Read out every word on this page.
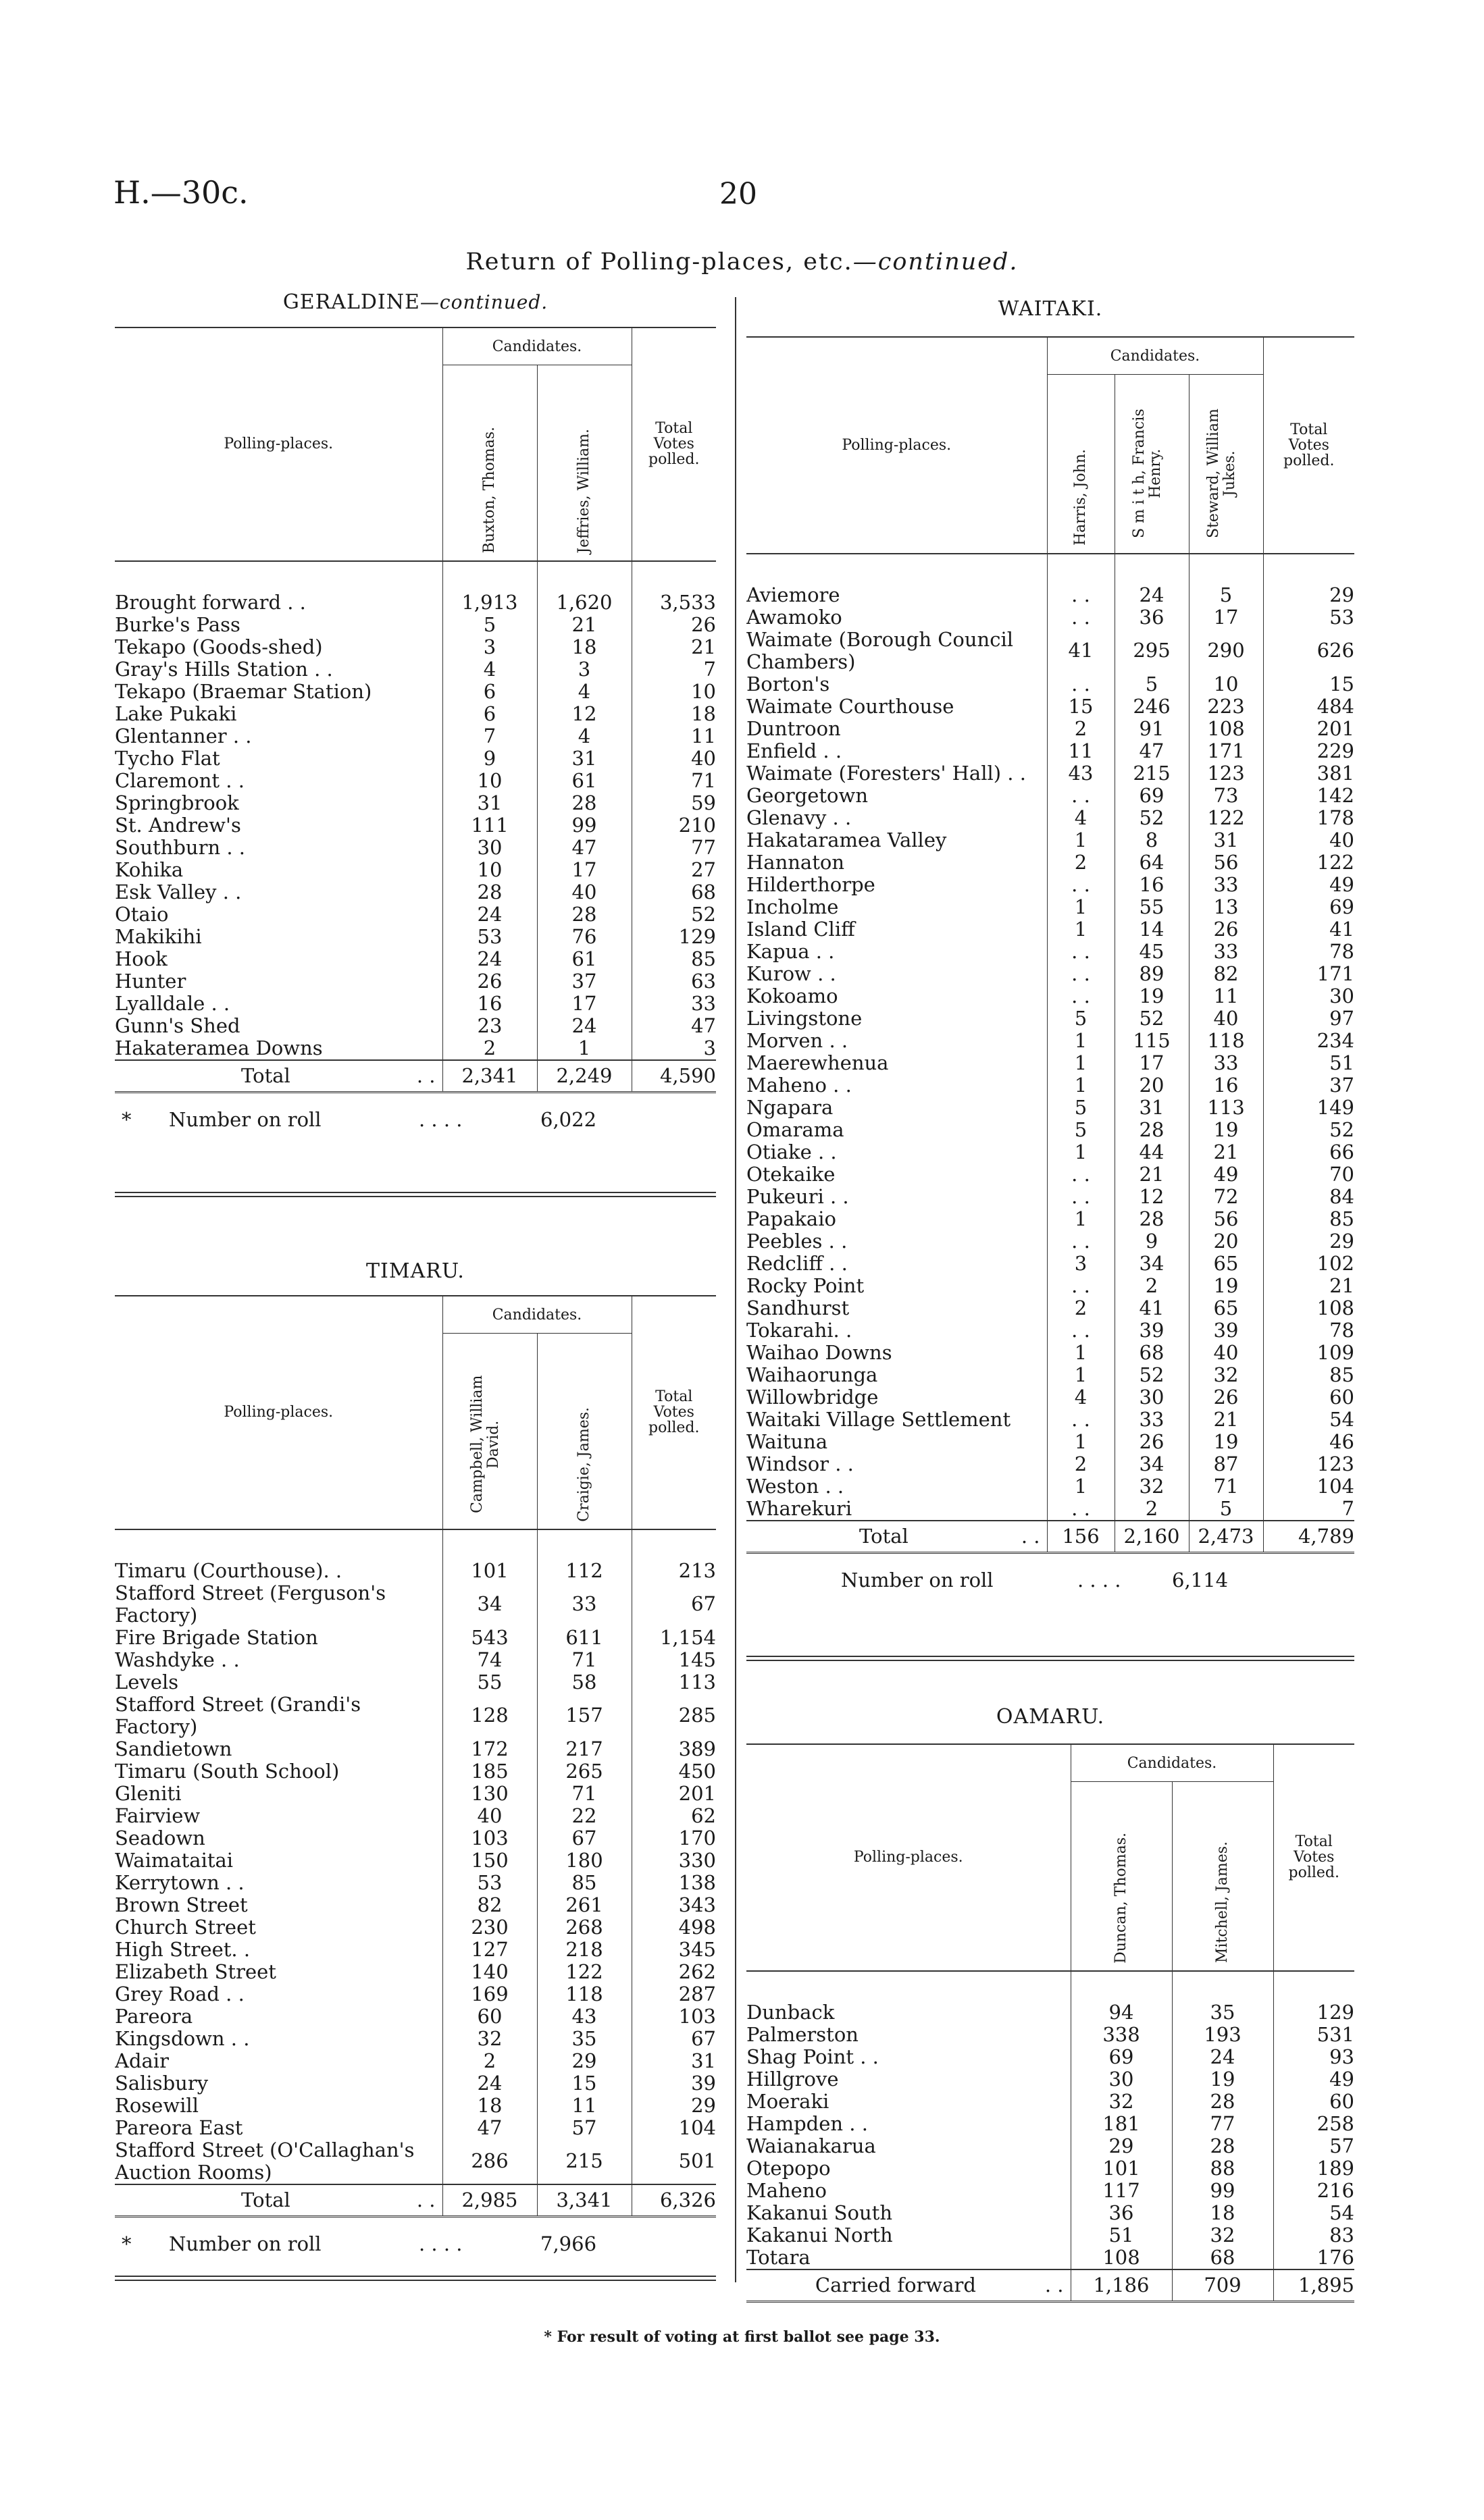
H.—30c.	20
Return of Polling-places, etc.—continued.
GERALDINE—continued.
Polling-places.	Candidates.		Total
Votes
polled.

	Buxton, Thomas.	Jeffries, William.	

Brought forward . .	1,913	1,620	3,533
Burke's Pass	5	21	26
Tekapo (Goods-shed)	3	18	21
Gray's Hills Station . .	4	3	7
Tekapo (Braemar Station)	6	4	10
Lake Pukaki	6	12	18
Glentanner . .	7	4	11
Tycho Flat	9	31	40
Claremont . .	10	61	71
Springbrook	31	28	59
St. Andrew's	111	99	210
Southburn . .	30	47	77
Kohika	10	17	27
Esk Valley . .	28	40	68
Otaio	24	28	52
Makikihi	53	76	129
Hook	24	61	85
Hunter	26	37	63
Lyalldale . .	16	17	33
Gunn's Shed	23	24	47
Hakateramea Downs	2	1	3
Total . .	2,341	2,249	4,590
* Number on roll	. . . .	6,022
TIMARU.
Polling-places.	Candidates.		Total
Votes
polled.

	Campbell, William David.	Craigie, James.	

Timaru (Courthouse). .	101	112	213
Stafford Street (Ferguson's Factory)	34	33	67
Fire Brigade Station	543	611	1,154
Washdyke . .	74	71	145
Levels	55	58	113
Stafford Street (Grandi's Factory)	128	157	285
Sandietown	172	217	389
Timaru (South School)	185	265	450
Gleniti	130	71	201
Fairview	40	22	62
Seadown	103	67	170
Waimataitai	150	180	330
Kerrytown . .	53	85	138
Brown Street	82	261	343
Church Street	230	268	498
High Street. .	127	218	345
Elizabeth Street	140	122	262
Grey Road . .	169	118	287
Pareora	60	43	103
Kingsdown . .	32	35	67
Adair	2	29	31
Salisbury	24	15	39
Rosewill	18	11	29
Pareora East	47	57	104
Stafford Street (O'Callaghan's Auction Rooms)	286	215	501
Total . .	2,985	3,341	6,326
* Number on roll	. . . .	7,966
WAITAKI.
Polling-places.	Candidates.			Total
Votes
polled.

	Harris, John.	S m i t h, Francis Henry.	Steward, William Jukes.	

Aviemore	. .	24	5	29
Awamoko	. .	36	17	53
Waimate (Borough Council Chambers)	41	295	290	626
Borton's	. .	5	10	15
Waimate Courthouse	15	246	223	484
Duntroon	2	91	108	201
Enfield . .	11	47	171	229
Waimate (Foresters' Hall) . .	43	215	123	381
Georgetown	. .	69	73	142
Glenavy . .	4	52	122	178
Hakataramea Valley	1	8	31	40
Hannaton	2	64	56	122
Hilderthorpe	. .	16	33	49
Incholme	1	55	13	69
Island Cliff	1	14	26	41
Kapua . .	. .	45	33	78
Kurow . .	. .	89	82	171
Kokoamo	. .	19	11	30
Livingstone	5	52	40	97
Morven . .	1	115	118	234
Maerewhenua	1	17	33	51
Maheno . .	1	20	16	37
Ngapara	5	31	113	149
Omarama	5	28	19	52
Otiake . .	1	44	21	66
Otekaike	. .	21	49	70
Pukeuri . .	. .	12	72	84
Papakaio	1	28	56	85
Peebles . .	. .	9	20	29
Redcliff . .	3	34	65	102
Rocky Point	. .	2	19	21
Sandhurst	2	41	65	108
Tokarahi. .	. .	39	39	78
Waihao Downs	1	68	40	109
Waihaorunga	1	52	32	85
Willowbridge	4	30	26	60
Waitaki Village Settlement	. .	33	21	54
Waituna	1	26	19	46
Windsor . .	2	34	87	123
Weston . .	1	32	71	104
Wharekuri	. .	2	5	7
Total . .	156	2,160	2,473	4,789
Number on roll	. . . .	6,114
OAMARU.
Polling-places.	Candidates.		Total
Votes
polled.

	Duncan, Thomas.	Mitchell, James.	

Dunback	94	35	129
Palmerston	338	193	531
Shag Point . .	69	24	93
Hillgrove	30	19	49
Moeraki	32	28	60
Hampden . .	181	77	258
Waianakarua	29	28	57
Otepopo	101	88	189
Maheno	117	99	216
Kakanui South	36	18	54
Kakanui North	51	32	83
Totara	108	68	176
Carried forward . .	1,186	709	1,895
* For result of voting at first ballot see page 33.
